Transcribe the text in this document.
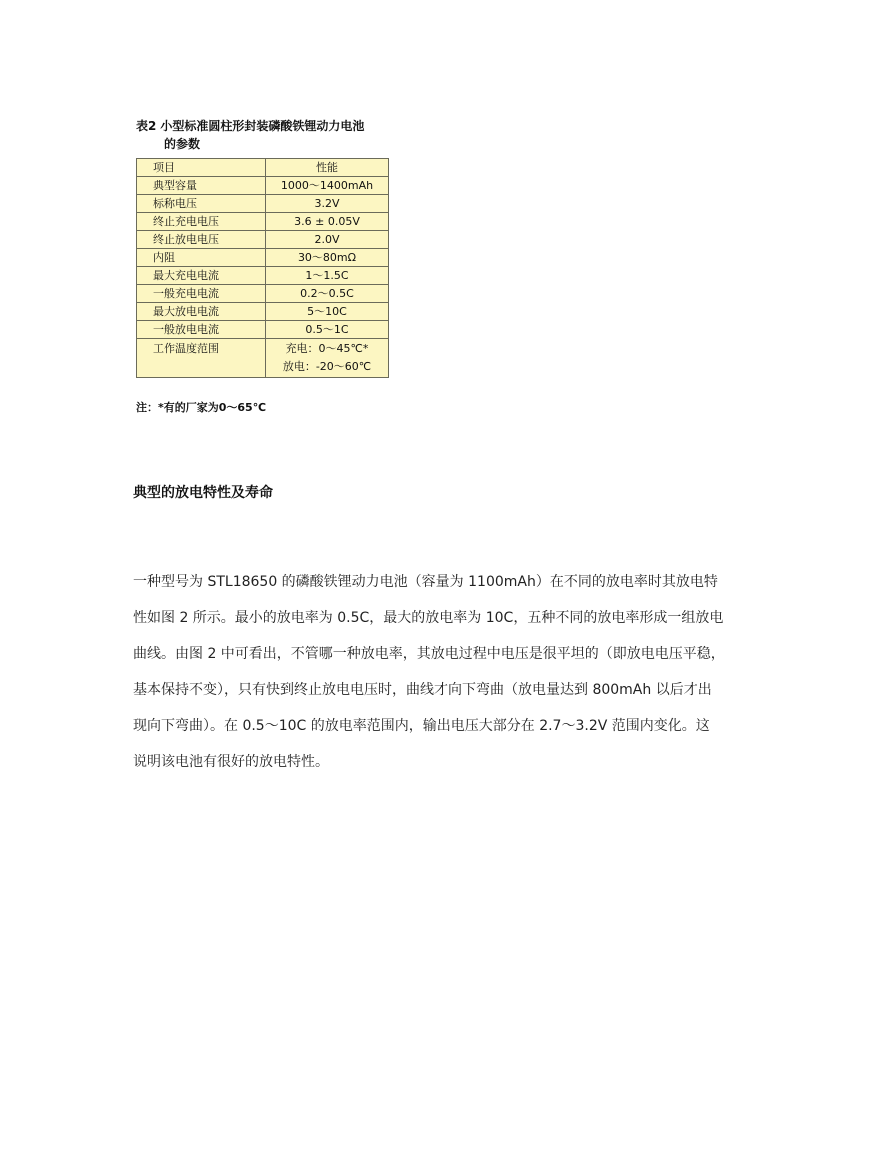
表2 小型标准圆柱形封装磷酸铁锂动力电池
的参数
项目	性能
典型容量	1000～1400mAh
标称电压	3.2V
终止充电电压	3.6 ± 0.05V
终止放电电压	2.0V
内阻	30～80mΩ
最大充电电流	1～1.5C
一般充电电流	0.2～0.5C
最大放电电流	5～10C
一般放电电流	0.5～1C
工作温度范围	充电：0～45℃*
放电：-20～60℃
注：*有的厂家为0～65℃
典型的放电特性及寿命
一种型号为 STL18650 的磷酸铁锂动力电池（容量为 1100mAh）在不同的放电率时其放电特
性如图 2 所示。最小的放电率为 0.5C，最大的放电率为 10C，五种不同的放电率形成一组放电
曲线。由图 2 中可看出，不管哪一种放电率，其放电过程中电压是很平坦的（即放电电压平稳，
基本保持不变），只有快到终止放电电压时，曲线才向下弯曲（放电量达到 800mAh 以后才出
现向下弯曲）。在 0.5～10C 的放电率范围内，输出电压大部分在 2.7～3.2V 范围内变化。这
说明该电池有很好的放电特性。
